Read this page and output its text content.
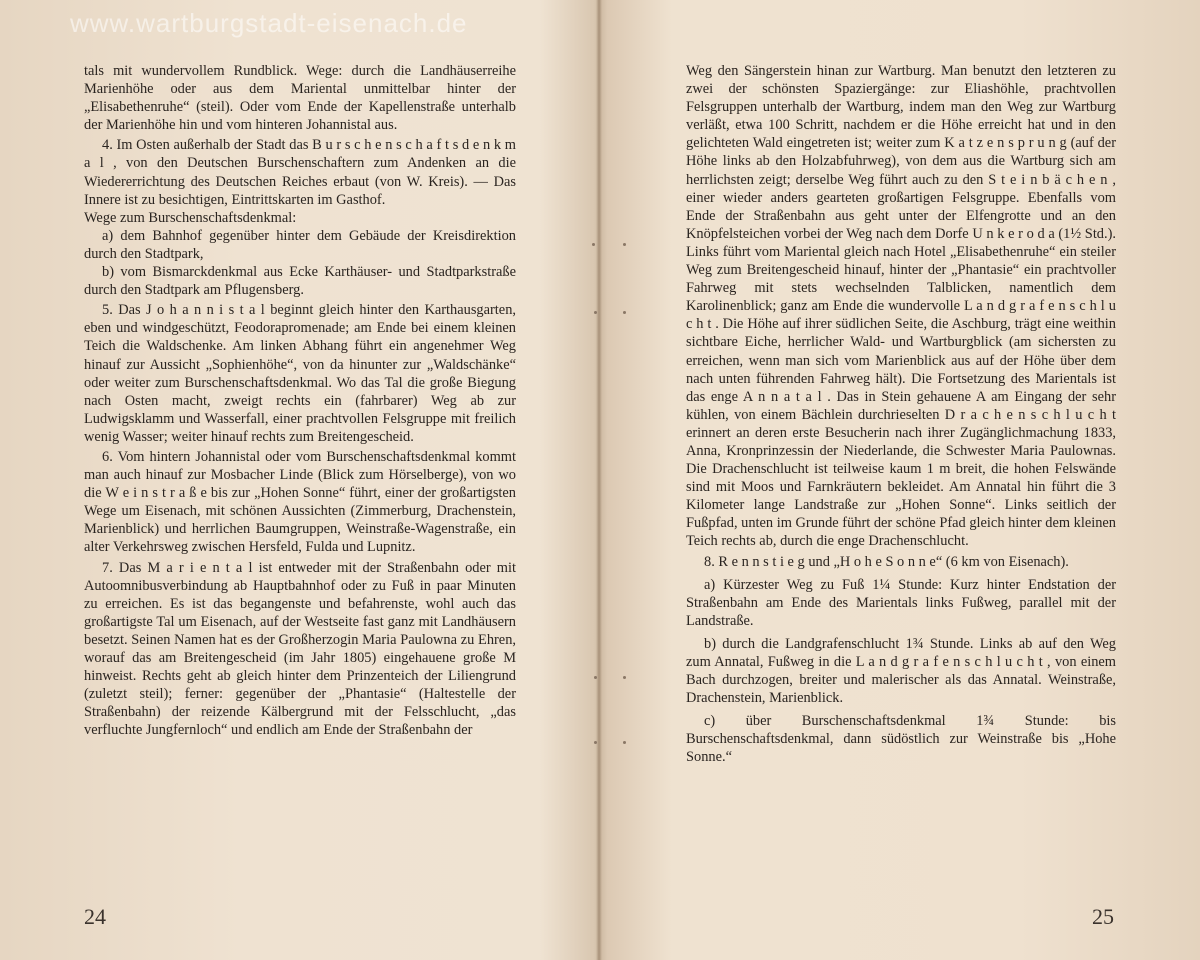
www.wartburgstadt-eisenach.de

tals mit wundervollem Rundblick. Wege: durch die Landhäuserreihe Marienhöhe oder aus dem Mariental unmittelbar hinter der „Elisabethenruhe“ (steil). Oder vom Ende der Kapellenstraße unterhalb der Marienhöhe hin und vom hinteren Johannistal aus.

4. Im Osten außerhalb der Stadt das B u r s c h e n s c h a f t s d e n k m a l , von den Deutschen Burschenschaftern zum Andenken an die Wiedererrichtung des Deutschen Reiches erbaut (von W. Kreis). — Das Innere ist zu besichtigen, Eintrittskarten im Gasthof.

Wege zum Burschenschaftsdenkmal:

a) dem Bahnhof gegenüber hinter dem Gebäude der Kreisdirektion durch den Stadtpark,

b) vom Bismarckdenkmal aus Ecke Karthäuser- und Stadtparkstraße durch den Stadtpark am Pflugensberg.

5. Das J o h a n n i s t a l beginnt gleich hinter den Karthausgarten, eben und windgeschützt, Feodorapromenade; am Ende bei einem kleinen Teich die Waldschenke. Am linken Abhang führt ein angenehmer Weg hinauf zur Aussicht „Sophienhöhe“, von da hinunter zur „Waldschänke“ oder weiter zum Burschenschaftsdenkmal. Wo das Tal die große Biegung nach Osten macht, zweigt rechts ein (fahrbarer) Weg ab zur Ludwigsklamm und Wasserfall, einer prachtvollen Felsgruppe mit freilich wenig Wasser; weiter hinauf rechts zum Breitengescheid.

6. Vom hintern Johannistal oder vom Burschenschaftsdenkmal kommt man auch hinauf zur Mosbacher Linde (Blick zum Hörselberge), von wo die W e i n s t r a ß e bis zur „Hohen Sonne“ führt, einer der großartigsten Wege um Eisenach, mit schönen Aussichten (Zimmerburg, Drachenstein, Marienblick) und herrlichen Baumgruppen, Weinstraße-Wagenstraße, ein alter Verkehrsweg zwischen Hersfeld, Fulda und Lupnitz.

7. Das M a r i e n t a l ist entweder mit der Straßenbahn oder mit Autoomnibusverbindung ab Hauptbahnhof oder zu Fuß in paar Minuten zu erreichen. Es ist das begangenste und befahrenste, wohl auch das großartigste Tal um Eisenach, auf der Westseite fast ganz mit Landhäusern besetzt. Seinen Namen hat es der Großherzogin Maria Paulowna zu Ehren, worauf das am Breitengescheid (im Jahr 1805) eingehauene große M hinweist. Rechts geht ab gleich hinter dem Prinzenteich der Liliengrund (zuletzt steil); ferner: gegenüber der „Phantasie“ (Haltestelle der Straßenbahn) der reizende Kälbergrund mit der Felsschlucht, „das verfluchte Jungfernloch“ und endlich am Ende der Straßenbahn der

24

Weg den Sängerstein hinan zur Wartburg. Man benutzt den letzteren zu zwei der schönsten Spaziergänge: zur Eliashöhle, prachtvollen Felsgruppen unterhalb der Wartburg, indem man den Weg zur Wartburg verläßt, etwa 100 Schritt, nachdem er die Höhe erreicht hat und in den gelichteten Wald eingetreten ist; weiter zum K a t z e n s p r u n g (auf der Höhe links ab den Holzabfuhrweg), von dem aus die Wartburg sich am herrlichsten zeigt; derselbe Weg führt auch zu den S t e i n b ä c h e n , einer wieder anders gearteten großartigen Felsgruppe. Ebenfalls vom Ende der Straßenbahn aus geht unter der Elfengrotte und an den Knöpfelsteichen vorbei der Weg nach dem Dorfe U n k e r o d a (1½ Std.). Links führt vom Mariental gleich nach Hotel „Elisabethenruhe“ ein steiler Weg zum Breitengescheid hinauf, hinter der „Phantasie“ ein prachtvoller Fahrweg mit stets wechselnden Talblicken, namentlich dem Karolinenblick; ganz am Ende die wundervolle L a n d g r a f e n s c h l u c h t . Die Höhe auf ihrer südlichen Seite, die Aschburg, trägt eine weithin sichtbare Eiche, herrlicher Wald- und Wartburgblick (am sichersten zu erreichen, wenn man sich vom Marienblick aus auf der Höhe über dem nach unten führenden Fahrweg hält). Die Fortsetzung des Marientals ist das enge A n n a t a l . Das in Stein gehauene A am Eingang der sehr kühlen, von einem Bächlein durchrieselten D r a c h e n s c h l u c h t erinnert an deren erste Besucherin nach ihrer Zugänglichmachung 1833, Anna, Kronprinzessin der Niederlande, die Schwester Maria Paulownas. Die Drachenschlucht ist teilweise kaum 1 m breit, die hohen Felswände sind mit Moos und Farnkräutern bekleidet. Am Annatal hin führt die 3 Kilometer lange Landstraße zur „Hohen Sonne“. Links seitlich der Fußpfad, unten im Grunde führt der schöne Pfad gleich hinter dem kleinen Teich rechts ab, durch die enge Drachenschlucht.

8. R e n n s t i e g und „H o h e S o n n e“ (6 km von Eisenach).

a) Kürzester Weg zu Fuß 1¼ Stunde: Kurz hinter Endstation der Straßenbahn am Ende des Marientals links Fußweg, parallel mit der Landstraße.

b) durch die Landgrafenschlucht 1¾ Stunde. Links ab auf den Weg zum Annatal, Fußweg in die L a n d g r a f e n s c h l u c h t , von einem Bach durchzogen, breiter und malerischer als das Annatal. Weinstraße, Drachenstein, Marienblick.

c) über Burschenschaftsdenkmal 1¾ Stunde: bis Burschenschaftsdenkmal, dann südöstlich zur Weinstraße bis „Hohe Sonne.“

25
